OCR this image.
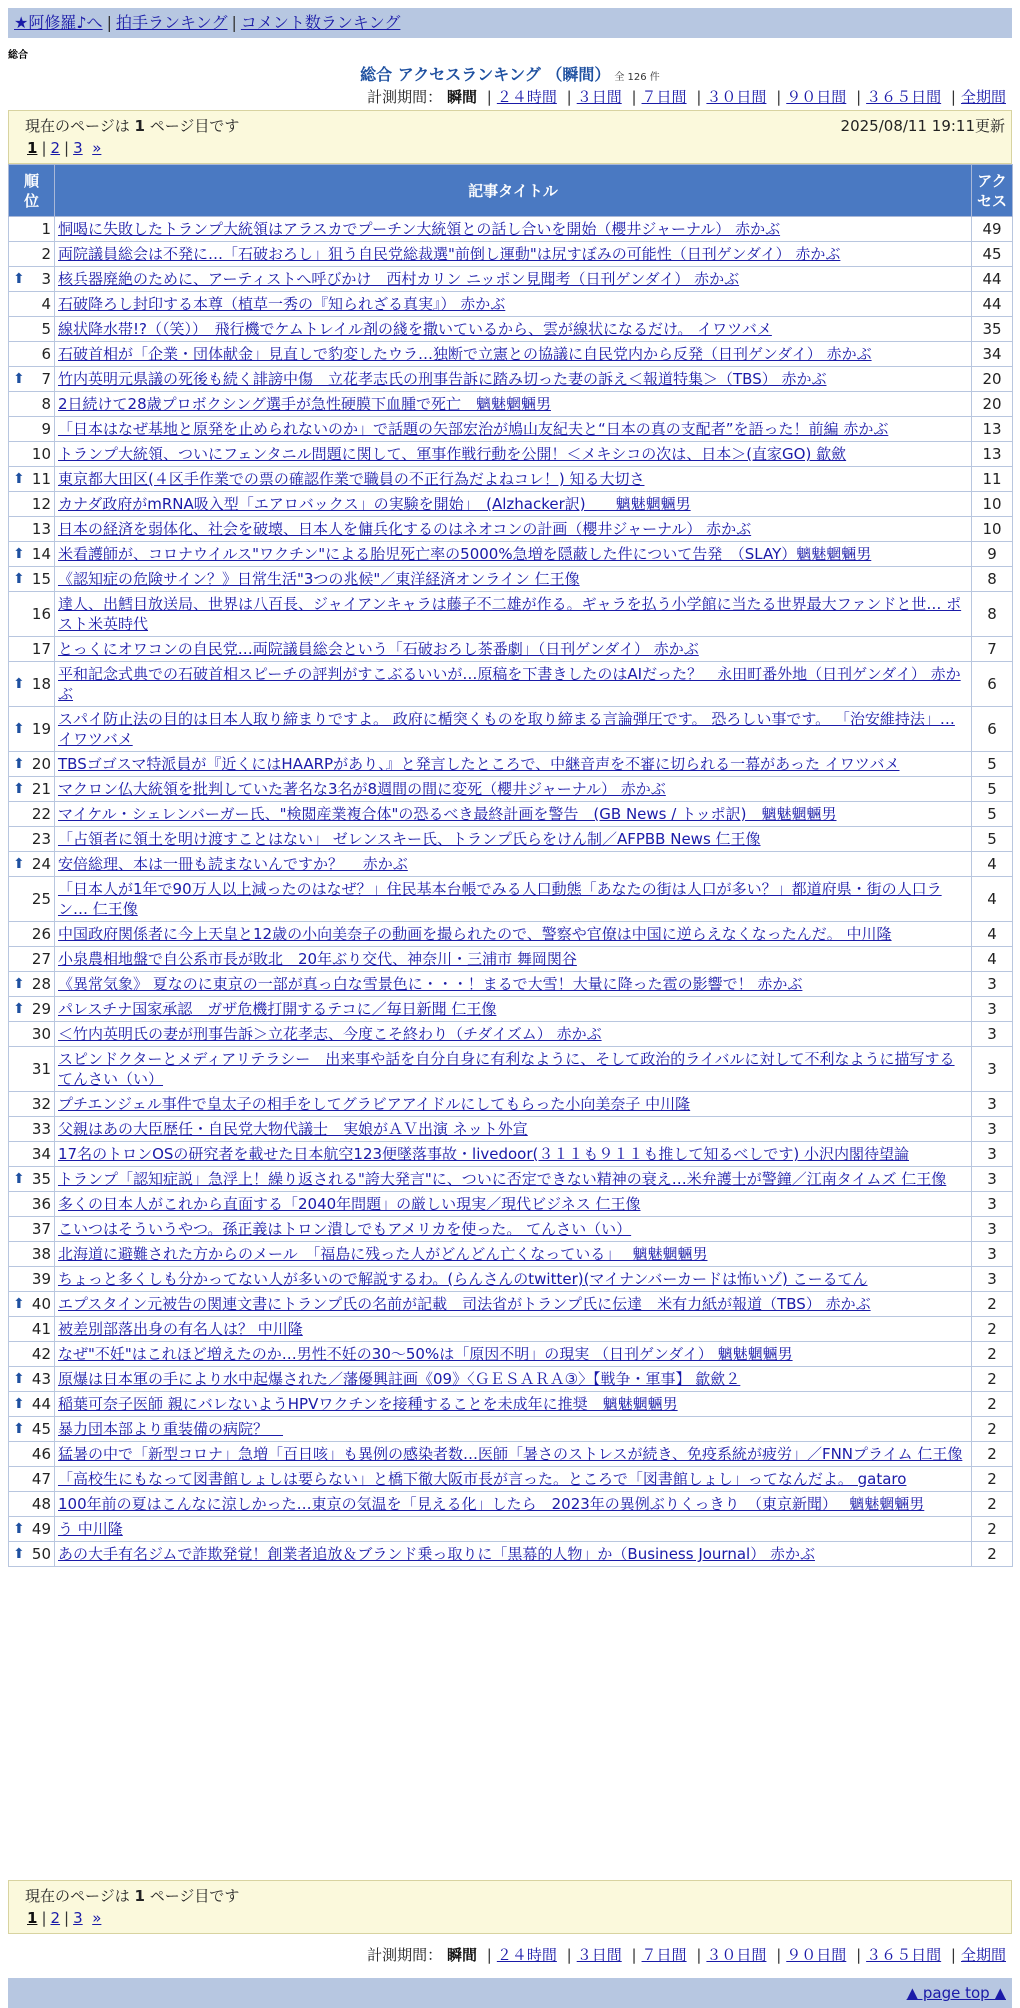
★阿修羅♪へ | 拍手ランキング | コメント数ランキング
総合
総合 アクセスランキング （瞬間） 全 126 件
計測期間： 瞬間 | ２４時間 | ３日間 | ７日間 | ３０日間 | ９０日間 | ３６５日間 | 全期間
現在のページは 1 ページ目です	2025/08/11 19:11更新
1 | 2 | 3 »
順位	記事タイトル	アクセス
1	恫喝に失敗したトランプ大統領はアラスカでプーチン大統領との話し合いを開始（櫻井ジャーナル） 赤かぶ	49
2	両院議員総会は不発に…「石破おろし」狙う自民党総裁選"前倒し運動"は尻すぼみの可能性（日刊ゲンダイ） 赤かぶ	45

⬆ 3	核兵器廃絶のために、アーティストへ呼びかけ　西村カリン ニッポン見聞考（日刊ゲンダイ） 赤かぶ	44
4	石破降ろし封印する本尊（植草一秀の『知られざる真実』） 赤かぶ	44
5	線状降水帯!?（（笑））　飛行機でケムトレイル剤の綫を撒いているから、雲が線状になるだけ。 イワツバメ	35
6	石破首相が「企業・団体献金」見直しで豹変したウラ…独断で立憲との協議に自民党内から反発（日刊ゲンダイ） 赤かぶ	34

⬆ 7	竹内英明元県議の死後も続く誹謗中傷　立花孝志氏の刑事告訴に踏み切った妻の訴え＜報道特集＞（TBS） 赤かぶ	20
8	2日続けて28歳プロボクシング選手が急性硬膜下血腫で死亡　魑魅魍魎男	20
9	「日本はなぜ基地と原発を止められないのか」で話題の矢部宏治が鳩山友紀夫と“日本の真の支配者”を語った！前編 赤かぶ	13
10	トランプ大統領、ついにフェンタニル問題に関して、軍事作戦行動を公開！＜メキシコの次は、日本＞(直家GO) 歙歛	13

⬆ 11	東京都大田区(４区手作業での票の確認作業で職員の不正行為だよねコレ！) 知る大切さ	11
12	カナダ政府がmRNA吸入型「エアロバックス」の実験を開始」　(Alzhacker訳)　　魑魅魍魎男	10
13	日本の経済を弱体化、社会を破壊、日本人を傭兵化するのはネオコンの計画（櫻井ジャーナル） 赤かぶ	10

⬆ 14	米看護師が、コロナウイルス"ワクチン"による胎児死亡率の5000%急増を隠蔽した件について告発　（SLAY）魑魅魍魎男	9

⬆ 15	《認知症の危険サイン？》日常生活"3つの兆候"／東洋経済オンライン 仁王像	8
16	達人、出鱈目放送局、世界は八百長、ジャイアンキャラは藤子不二雄が作る。ギャラを払う小学館に当たる世界最大ファンドと世… ポスト米英時代	8
17	とっくにオワコンの自民党…両院議員総会という「石破おろし茶番劇」（日刊ゲンダイ） 赤かぶ	7

⬆ 18	平和記念式典での石破首相スピーチの評判がすこぶるいいが…原稿を下書きしたのはAIだった？　永田町番外地（日刊ゲンダイ） 赤かぶ	6

⬆ 19	スパイ防止法の目的は日本人取り締まりですよ。 政府に楯突くものを取り締まる言論弾圧です。 恐ろしい事です。 「治安維持法」… イワツバメ	6

⬆ 20	TBSゴゴスマ特派員が『近くにはHAARPがあり、』と発言したところで、中継音声を不審に切られる一幕があった イワツバメ	5

⬆ 21	マクロン仏大統領を批判していた著名な3名が8週間の間に変死（櫻井ジャーナル） 赤かぶ	5
22	マイケル・シェレンバーガー氏、"検閲産業複合体"の恐るべき最終計画を警告　(GB News / トッポ訳)　魑魅魍魎男	5
23	「占領者に領土を明け渡すことはない」 ゼレンスキー氏、トランプ氏らをけん制／AFPBB News 仁王像	5

⬆ 24	安倍総理、本は一冊も読まないんですか？　 赤かぶ	4
25	「日本人が1年で90万人以上減ったのはなぜ？」住民基本台帳でみる人口動態「あなたの街は人口が多い？」都道府県・街の人口ラン… 仁王像	4
26	中国政府関係者に今上天皇と12歳の小向美奈子の動画を撮られたので、警察や官僚は中国に逆らえなくなったんだ。 中川隆	4
27	小泉農相地盤で自公系市長が敗北　20年ぶり交代、神奈川・三浦市 舞岡関谷	4

⬆ 28	《異常気象》 夏なのに東京の一部が真っ白な雪景色に・・・！まるで大雪！大量に降った雹の影響で！ 赤かぶ	3

⬆ 29	パレスチナ国家承認　ガザ危機打開するテコに／毎日新聞 仁王像	3
30	＜竹内英明氏の妻が刑事告訴＞立花孝志、今度こそ終わり（チダイズム） 赤かぶ	3
31	スピンドクターとメディアリテラシー　出来事や話を自分自身に有利なように、そして政治的ライバルに対して不利なように描写する てんさい（い）	3
32	プチエンジェル事件で皇太子の相手をしてグラビアアイドルにしてもらった小向美奈子 中川隆	3
33	父親はあの大臣歴任・自民党大物代議士　実娘がＡＶ出演 ネット外宣	3
34	17名のトロンOSの研究者を載せた日本航空123便墜落事故・livedoor(３１１も９１１も推して知るべしです) 小沢内閣待望論	3

⬆ 35	トランプ「認知症説」急浮上！繰り返される"誇大発言"に、ついに否定できない精神の衰え…米弁護士が警鐘／江南タイムズ 仁王像	3
36	多くの日本人がこれから直面する「2040年問題」の厳しい現実／現代ビジネス 仁王像	3
37	こいつはそういうやつ。孫正義はトロン潰しでもアメリカを使った。 てんさい（い）	3
38	北海道に避難された方からのメール　「福島に残った人がどんどん亡くなっている」　 魑魅魍魎男	3
39	ちょっと多くしも分かってない人が多いので解説するわ。(らんさんのtwitter)(マイナンバーカードは怖いゾ) こーるてん	3

⬆ 40	エプスタイン元被告の関連文書にトランプ氏の名前が記載　司法省がトランプ氏に伝達　米有力紙が報道（TBS） 赤かぶ	2
41	被差別部落出身の有名人は？ 中川隆	2
42	なぜ"不妊"はこれほど増えたのか…男性不妊の30～50%は「原因不明」の現実 （日刊ゲンダイ） 魑魅魍魎男	2

⬆ 43	原爆は日本軍の手により水中起爆された／藩優興註画《09》〈ＧＥＳＡＲＡ③〉【戦争・軍事】 歙歛２	2

⬆ 44	稲葉可奈子医師 親にバレないようHPVワクチンを接種することを未成年に推奨　魑魅魍魎男	2

⬆ 45	暴力団本部より重装備の病院？　	2
46	猛暑の中で「新型コロナ」急増「百日咳」も異例の感染者数…医師「暑さのストレスが続き、免疫系統が疲労」／FNNプライム 仁王像	2
47	「高校生にもなって図書館しょしは要らない」と橋下徹大阪市長が言った。ところで「図書館しょし」ってなんだよ。 gataro	2
48	100年前の夏はこんなに涼しかった…東京の気温を「見える化」したら　2023年の異例ぶりくっきり　（東京新聞）　 魑魅魍魎男	2

⬆ 49	う 中川隆	2

⬆ 50	あの大手有名ジムで詐欺発覚！創業者追放＆ブランド乗っ取りに「黒幕的人物」か（Business Journal） 赤かぶ	2
現在のページは 1 ページ目です
1 | 2 | 3 »
計測期間： 瞬間 | ２４時間 | ３日間 | ７日間 | ３０日間 | ９０日間 | ３６５日間 | 全期間
▲ page top ▲
